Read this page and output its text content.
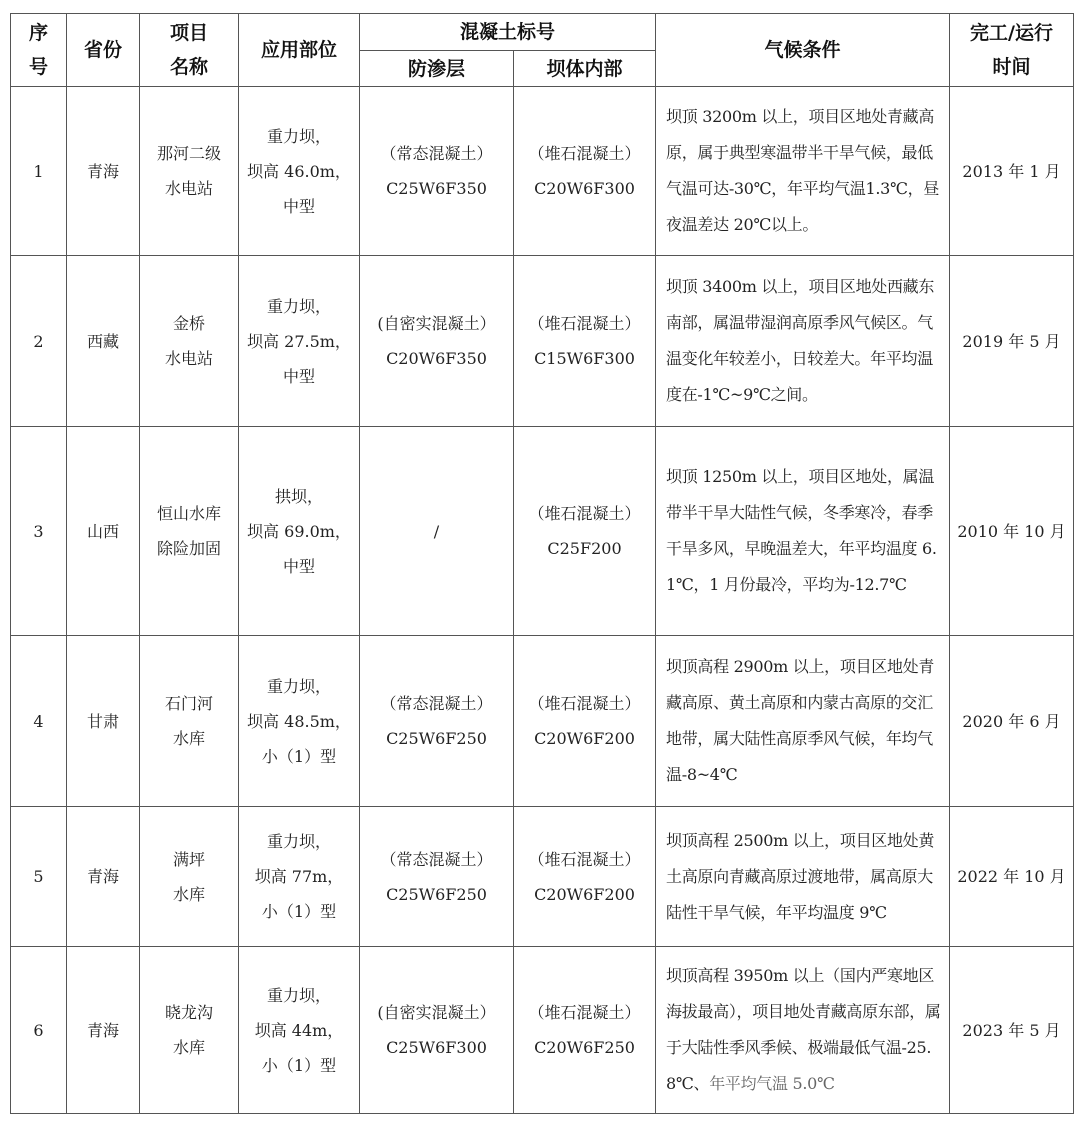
序
号	省份	项目
名称	应用部位	混凝土标号		气候条件	完工/运行
时间
				防渗层	坝体内部		
1	青海	那河二级
水电站	重力坝，
坝高 46.0m，
中型	（常态混凝土）
C25W6F350	（堆石混凝土）
C20W6F300	坝顶 3200m 以上，项目区地处青藏高原，属于典型寒温带半干旱气候，最低气温可达-30℃，年平均气温1.3℃，昼夜温差达 20℃以上。	2013 年 1 月
2	西藏	金桥
水电站	重力坝，
坝高 27.5m，
中型	(自密实混凝土）
C20W6F350	（堆石混凝土）
C15W6F300	坝顶 3400m 以上，项目区地处西藏东南部，属温带湿润高原季风气候区。气温变化年较差小，日较差大。年平均温度在-1℃~9℃之间。	2019 年 5 月
3	山西	恒山水库
除险加固	拱坝，
坝高 69.0m，
中型	/	（堆石混凝土）
C25F200	坝顶 1250m 以上，项目区地处，属温带半干旱大陆性气候，冬季寒冷，春季干旱多风，早晚温差大，年平均温度 6.1℃，1 月份最冷，平均为-12.7℃	2010 年 10 月
4	甘肃	石门河
水库	重力坝，
坝高 48.5m，
小（1）型	（常态混凝土）
C25W6F250	（堆石混凝土）
C20W6F200	坝顶高程 2900m 以上，项目区地处青藏高原、黄土高原和内蒙古高原的交汇地带，属大陆性高原季风气候，年均气温-8~4℃	2020 年 6 月
5	青海	满坪
水库	重力坝，
坝高 77m，
小（1）型	（常态混凝土）
C25W6F250	（堆石混凝土）
C20W6F200	坝顶高程 2500m 以上，项目区地处黄土高原向青藏高原过渡地带，属高原大陆性干旱气候，年平均温度 9℃	2022 年 10 月
6	青海	晓龙沟
水库	重力坝，
坝高 44m，
小（1）型	(自密实混凝土）
C25W6F300	（堆石混凝土）
C20W6F250	坝顶高程 3950m 以上（国内严寒地区海拔最高），项目地处青藏高原东部，属于大陆性季风季候、极端最低气温-25.8℃、年平均气温 5.0℃	2023 年 5 月
